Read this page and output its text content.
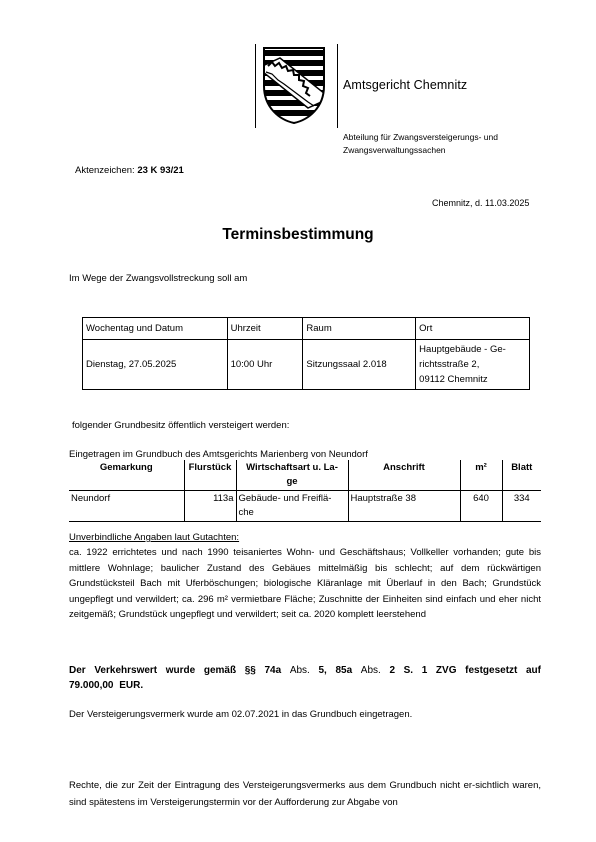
Amtsgericht Chemnitz
Abteilung für Zwangsversteigerungs- und
Zwangsverwaltungssachen
Aktenzeichen: 23 K 93/21
Chemnitz, d. 11.03.2025
Terminsbestimmung
Im Wege der Zwangsvollstreckung soll am
Wochentag und Datum	Uhrzeit	Raum	Ort
Dienstag, 27.05.2025	10:00 Uhr	Sitzungssaal 2.018	Hauptgebäude - Ge-
richtsstraße 2,
09112 Chemnitz
folgender Grundbesitz öffentlich versteigert werden:
Eingetragen im Grundbuch des Amtsgerichts Marienberg von Neundorf
Gemarkung	Flurstück	Wirtschaftsart u. La-
ge	Anschrift	m²	Blatt
Neundorf	113a	Gebäude- und Freiflä-
che	Hauptstraße 38	640	334
Unverbindliche Angaben laut Gutachten:
ca. 1922 errichtetes und nach 1990 teisaniertes Wohn- und Geschäftshaus; Vollkeller vorhanden; gute bis mittlere Wohnlage; baulicher Zustand des Gebäues mittelmäßig bis schlecht; auf dem rückwärtigen Grundstücksteil Bach mit Uferböschungen; biologische Kläranlage mit Überlauf in den Bach; Grundstück ungepflegt und verwildert; ca. 296 m² vermietbare Fläche; Zuschnitte der Einheiten sind einfach und eher nicht zeitgemäß; Grundstück ungepflegt und verwildert; seit ca. 2020 komplett leerstehend
Der Verkehrswert wurde gemäß §§ 74a Abs. 5, 85a Abs. 2 S. 1 ZVG festgesetzt auf 79.000,00 EUR.
Der Versteigerungsvermerk wurde am 02.07.2021 in das Grundbuch eingetragen.
Rechte, die zur Zeit der Eintragung des Versteigerungsvermerks aus dem Grundbuch nicht er-sichtlich waren, sind spätestens im Versteigerungstermin vor der Aufforderung zur Abgabe von
